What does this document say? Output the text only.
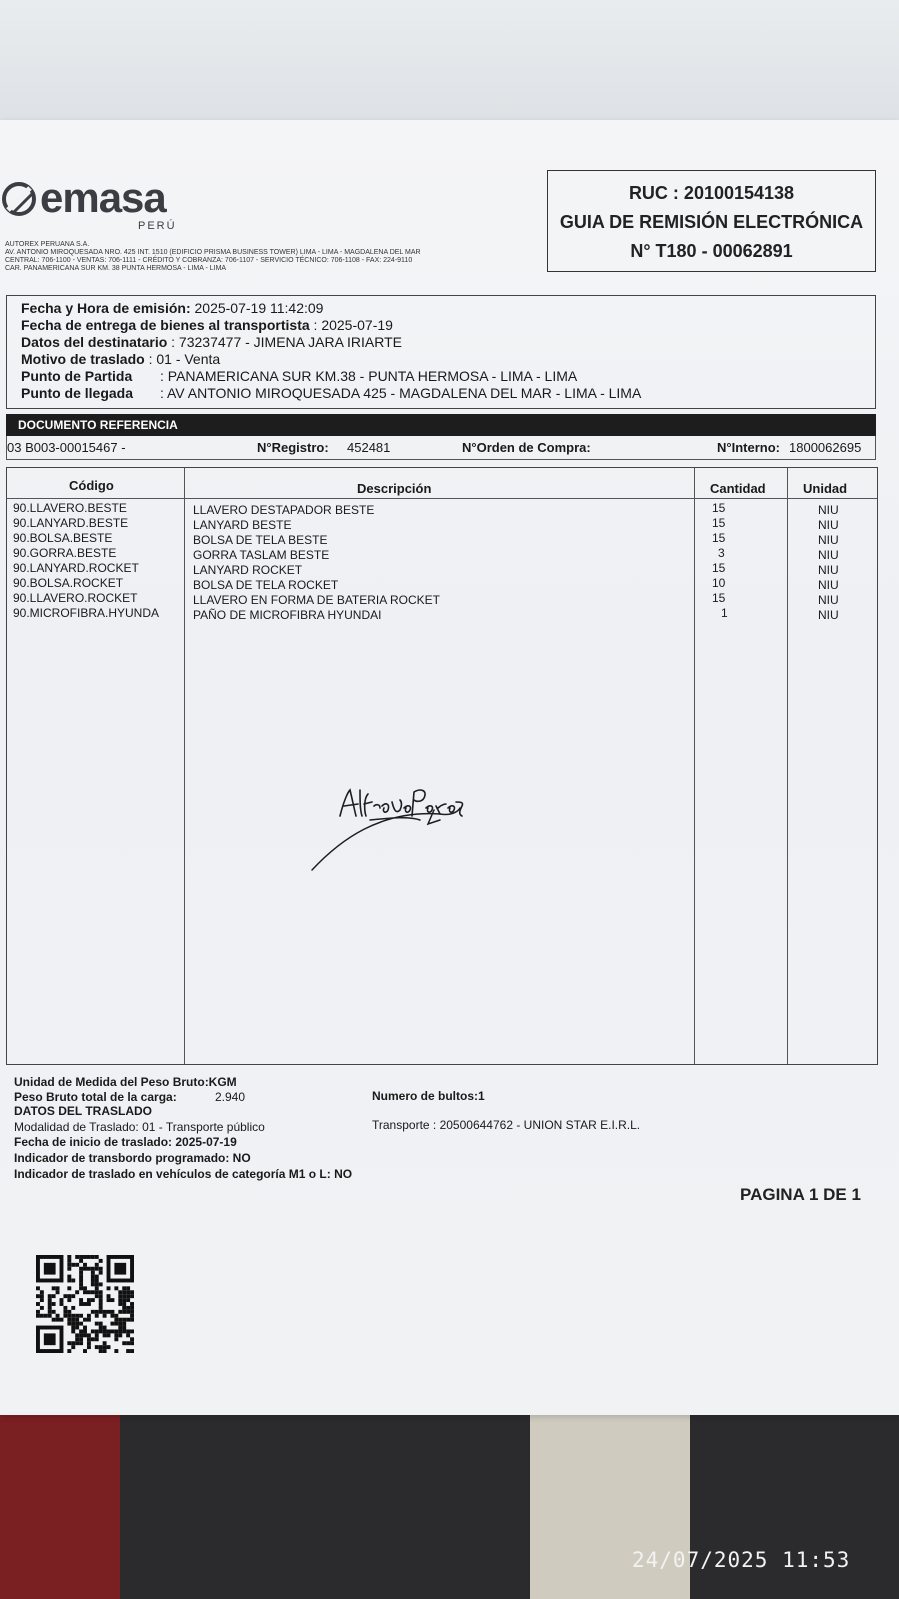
emasa
PERÚ
AUTOREX PERUANA S.A.
AV. ANTONIO MIROQUESADA NRO. 425 INT. 1510 (EDIFICIO PRISMA BUSINESS TOWER) LIMA - LIMA - MAGDALENA DEL MAR
CENTRAL: 706-1100 - VENTAS: 706-1111 - CRÉDITO Y COBRANZA: 706-1107 - SERVICIO TÉCNICO: 706-1108 - FAX: 224-9110
CAR. PANAMERICANA SUR KM. 38 PUNTA HERMOSA - LIMA - LIMA
RUC : 20100154138
GUIA DE REMISIÓN ELECTRÓNICA
N° T180 - 00062891
Fecha y Hora de emisión: 2025-07-19 11:42:09
Fecha de entrega de bienes al transportista : 2025-07-19
Datos del destinatario : 73237477 - JIMENA JARA IRIARTE
Motivo de traslado : 01 - Venta
Punto de Partida : PANAMERICANA SUR KM.38 - PUNTA HERMOSA - LIMA - LIMA
Punto de llegada : AV ANTONIO MIROQUESADA 425 - MAGDALENA DEL MAR - LIMA - LIMA
DOCUMENTO REFERENCIA
03 B003-00015467 -	N°Registro: 452481	N°Orden de Compra:	N°Interno: 1800062695
Código	Descripción	Cantidad	Unidad
90.LLAVERO.BESTE	LLAVERO DESTAPADOR BESTE	15	NIU
90.LANYARD.BESTE	LANYARD BESTE	15	NIU
90.BOLSA.BESTE	BOLSA DE TELA BESTE	15	NIU
90.GORRA.BESTE	GORRA TASLAM BESTE	3	NIU
90.LANYARD.ROCKET	LANYARD ROCKET	15	NIU
90.BOLSA.ROCKET	BOLSA DE TELA ROCKET	10	NIU
90.LLAVERO.ROCKET	LLAVERO EN FORMA DE BATERIA ROCKET	15	NIU
90.MICROFIBRA.HYUNDA	PAÑO DE MICROFIBRA HYUNDAI	1	NIU
Unidad de Medida del Peso Bruto:KGM
Peso Bruto total de la carga:	2.940	Numero de bultos:1
DATOS DEL TRASLADO
Modalidad de Traslado: 01 - Transporte público	Transporte : 20500644762 - UNION STAR E.I.R.L.
Fecha de inicio de traslado: 2025-07-19
Indicador de transbordo programado: NO
Indicador de traslado en vehículos de categoría M1 o L: NO
PAGINA 1 DE 1
24/07/2025 11:53
